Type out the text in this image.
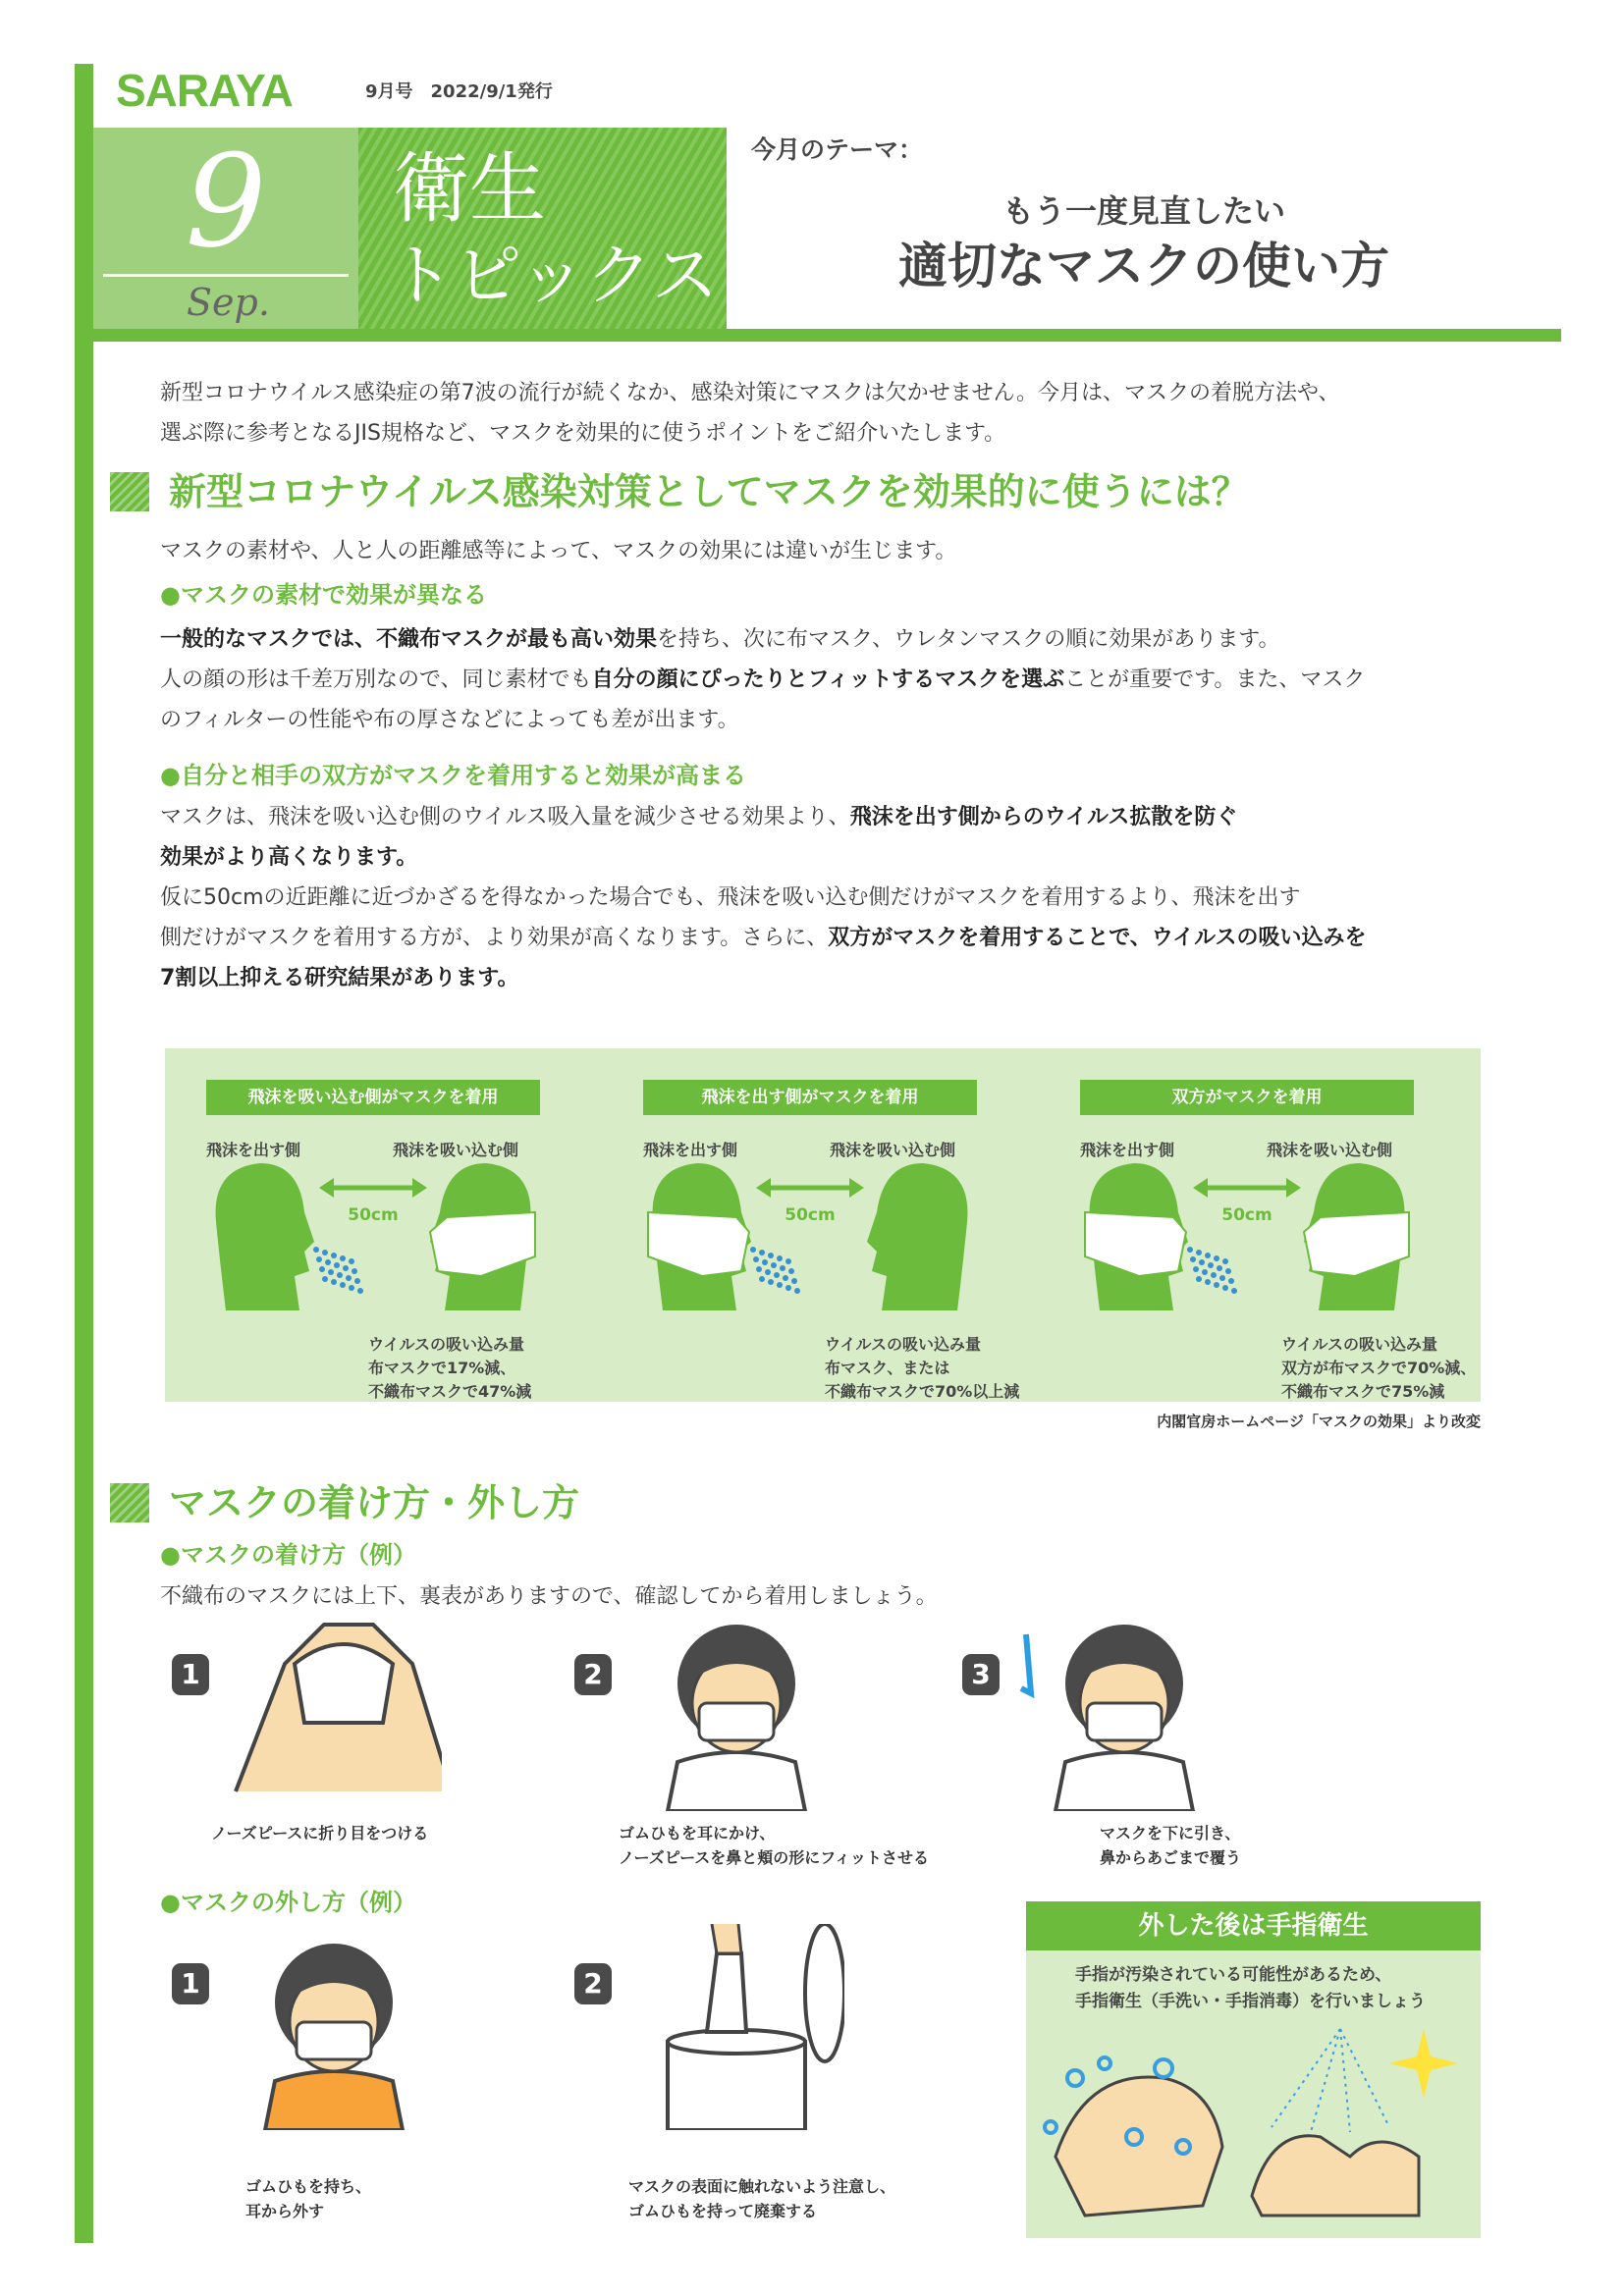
SARAYA	9月号　2022/9/1発行
9
Sep.
衛生
トピックス
今月のテーマ：
もう一度見直したい
適切なマスクの使い方
新型コロナウイルス感染症の第7波の流行が続くなか、感染対策にマスクは欠かせません。今月は、マスクの着脱方法や、
選ぶ際に参考となるJIS規格など、マスクを効果的に使うポイントをご紹介いたします。
新型コロナウイルス感染対策としてマスクを効果的に使うには？
マスクの素材や、人と人の距離感等によって、マスクの効果には違いが生じます。
●マスクの素材で効果が異なる
一般的なマスクでは、不織布マスクが最も高い効果を持ち、次に布マスク、ウレタンマスクの順に効果があります。
人の顔の形は千差万別なので、同じ素材でも自分の顔にぴったりとフィットするマスクを選ぶことが重要です。また、マスク
のフィルターの性能や布の厚さなどによっても差が出ます。
●自分と相手の双方がマスクを着用すると効果が高まる
マスクは、飛沫を吸い込む側のウイルス吸入量を減少させる効果より、飛沫を出す側からのウイルス拡散を防ぐ
効果がより高くなります。
仮に50cmの近距離に近づかざるを得なかった場合でも、飛沫を吸い込む側だけがマスクを着用するより、飛沫を出す
側だけがマスクを着用する方が、より効果が高くなります。さらに、双方がマスクを着用することで、ウイルスの吸い込みを
7割以上抑える研究結果があります。
飛沫を吸い込む側がマスクを着用
飛沫を出す側	飛沫を吸い込む側
50cm
ウイルスの吸い込み量
布マスクで17%減、
不織布マスクで47%減
飛沫を出す側がマスクを着用
飛沫を出す側	飛沫を吸い込む側
50cm
ウイルスの吸い込み量
布マスク、または
不織布マスクで70%以上減
双方がマスクを着用
飛沫を出す側	飛沫を吸い込む側
50cm
ウイルスの吸い込み量
双方が布マスクで70%減、
不織布マスクで75%減
内閣官房ホームページ「マスクの効果」より改変
マスクの着け方・外し方
●マスクの着け方（例）
不織布のマスクには上下、裏表がありますので、確認してから着用しましょう。
●マスクの外し方（例）
1
ノーズピースに折り目をつける
2
ゴムひもを耳にかけ、
ノーズピースを鼻と頬の形にフィットさせる
3
マスクを下に引き、
鼻からあごまで覆う
1
ゴムひもを持ち、
耳から外す
2
マスクの表面に触れないよう注意し、
ゴムひもを持って廃棄する
外した後は手指衛生
手指が汚染されている可能性があるため、
手指衛生（手洗い・手指消毒）を行いましょう
